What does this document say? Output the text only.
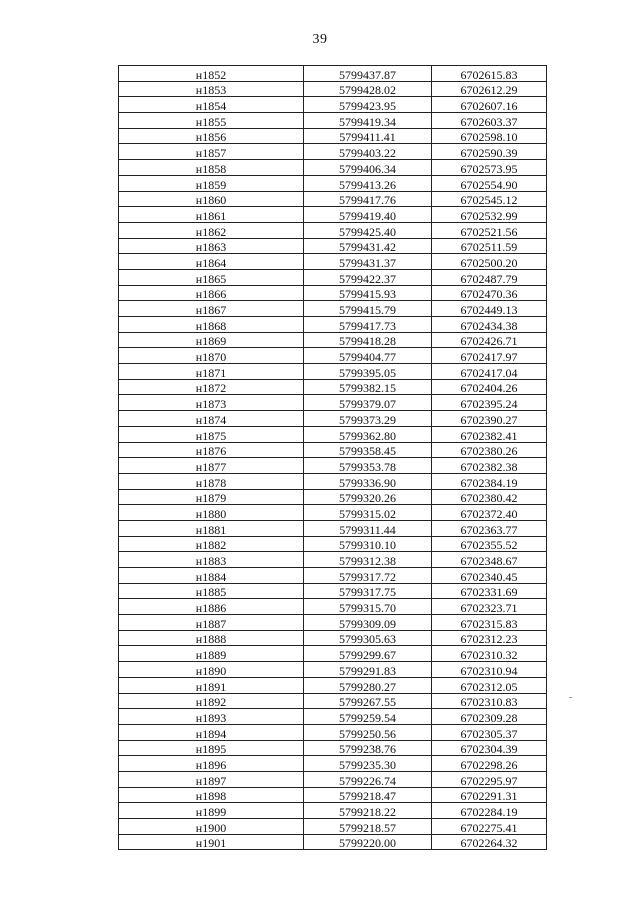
39
н1852	5799437.87	6702615.83
н1853	5799428.02	6702612.29
н1854	5799423.95	6702607.16
н1855	5799419.34	6702603.37
н1856	5799411.41	6702598.10
н1857	5799403.22	6702590.39
н1858	5799406.34	6702573.95
н1859	5799413.26	6702554.90
н1860	5799417.76	6702545.12
н1861	5799419.40	6702532.99
н1862	5799425.40	6702521.56
н1863	5799431.42	6702511.59
н1864	5799431.37	6702500.20
н1865	5799422.37	6702487.79
н1866	5799415.93	6702470.36
н1867	5799415.79	6702449.13
н1868	5799417.73	6702434.38
н1869	5799418.28	6702426.71
н1870	5799404.77	6702417.97
н1871	5799395.05	6702417.04
н1872	5799382.15	6702404.26
н1873	5799379.07	6702395.24
н1874	5799373.29	6702390.27
н1875	5799362.80	6702382.41
н1876	5799358.45	6702380.26
н1877	5799353.78	6702382.38
н1878	5799336.90	6702384.19
н1879	5799320.26	6702380.42
н1880	5799315.02	6702372.40
н1881	5799311.44	6702363.77
н1882	5799310.10	6702355.52
н1883	5799312.38	6702348.67
н1884	5799317.72	6702340.45
н1885	5799317.75	6702331.69
н1886	5799315.70	6702323.71
н1887	5799309.09	6702315.83
н1888	5799305.63	6702312.23
н1889	5799299.67	6702310.32
н1890	5799291.83	6702310.94
н1891	5799280.27	6702312.05
н1892	5799267.55	6702310.83
н1893	5799259.54	6702309.28
н1894	5799250.56	6702305.37
н1895	5799238.76	6702304.39
н1896	5799235.30	6702298.26
н1897	5799226.74	6702295.97
н1898	5799218.47	6702291.31
н1899	5799218.22	6702284.19
н1900	5799218.57	6702275.41
н1901	5799220.00	6702264.32
